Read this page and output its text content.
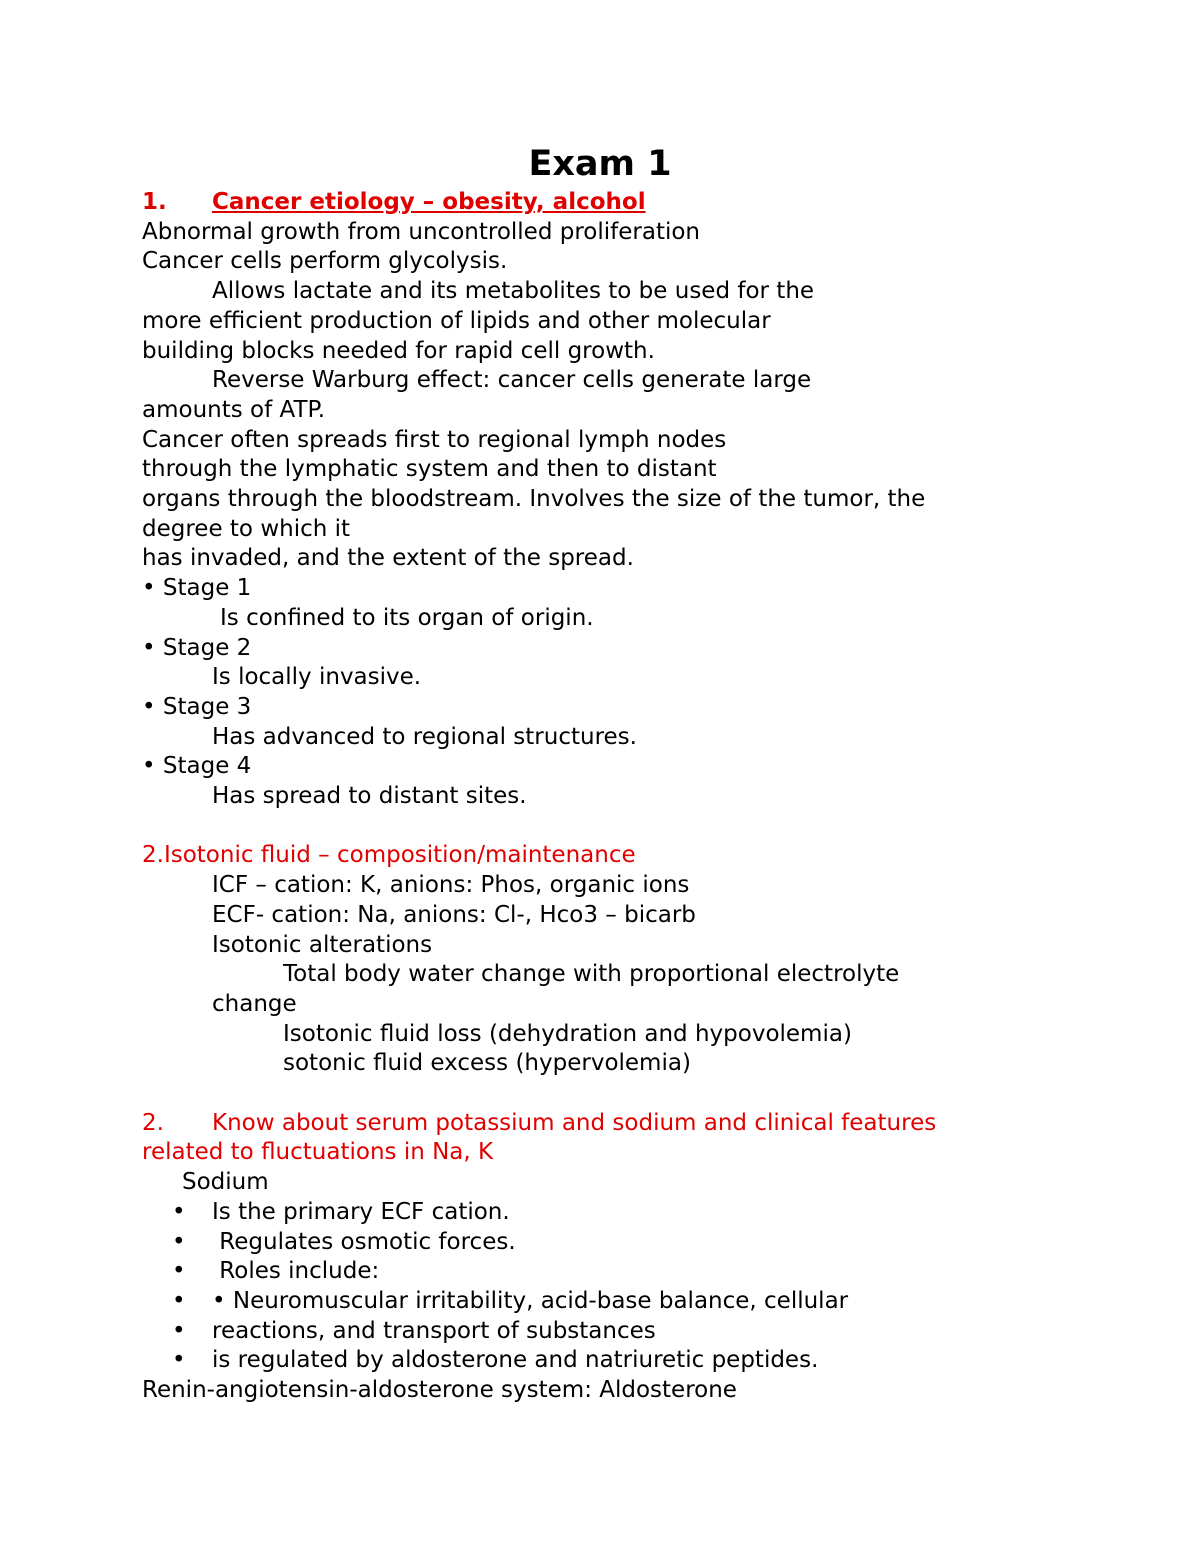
Exam 1
1. Cancer etiology – obesity, alcohol
Abnormal growth from uncontrolled proliferation
Cancer cells perform glycolysis.
Allows lactate and its metabolites to be used for the
more efficient production of lipids and other molecular
building blocks needed for rapid cell growth.
Reverse Warburg effect: cancer cells generate large
amounts of ATP.
Cancer often spreads first to regional lymph nodes
through the lymphatic system and then to distant
organs through the bloodstream. Involves the size of the tumor, the
degree to which it
has invaded, and the extent of the spread.
• Stage 1
Is confined to its organ of origin.
• Stage 2
Is locally invasive.
• Stage 3
Has advanced to regional structures.
• Stage 4
Has spread to distant sites.
2.Isotonic fluid – composition/maintenance
ICF – cation: K, anions: Phos, organic ions
ECF- cation: Na, anions: Cl-, Hco3 – bicarb
Isotonic alterations
Total body water change with proportional electrolyte
change
Isotonic fluid loss (dehydration and hypovolemia)
sotonic fluid excess (hypervolemia)
2. Know about serum potassium and sodium and clinical features
related to fluctuations in Na, K
Sodium
• Is the primary ECF cation.
• Regulates osmotic forces.
• Roles include:
• • Neuromuscular irritability, acid-base balance, cellular
• reactions, and transport of substances
• is regulated by aldosterone and natriuretic peptides.
Renin-angiotensin-aldosterone system: Aldosterone
